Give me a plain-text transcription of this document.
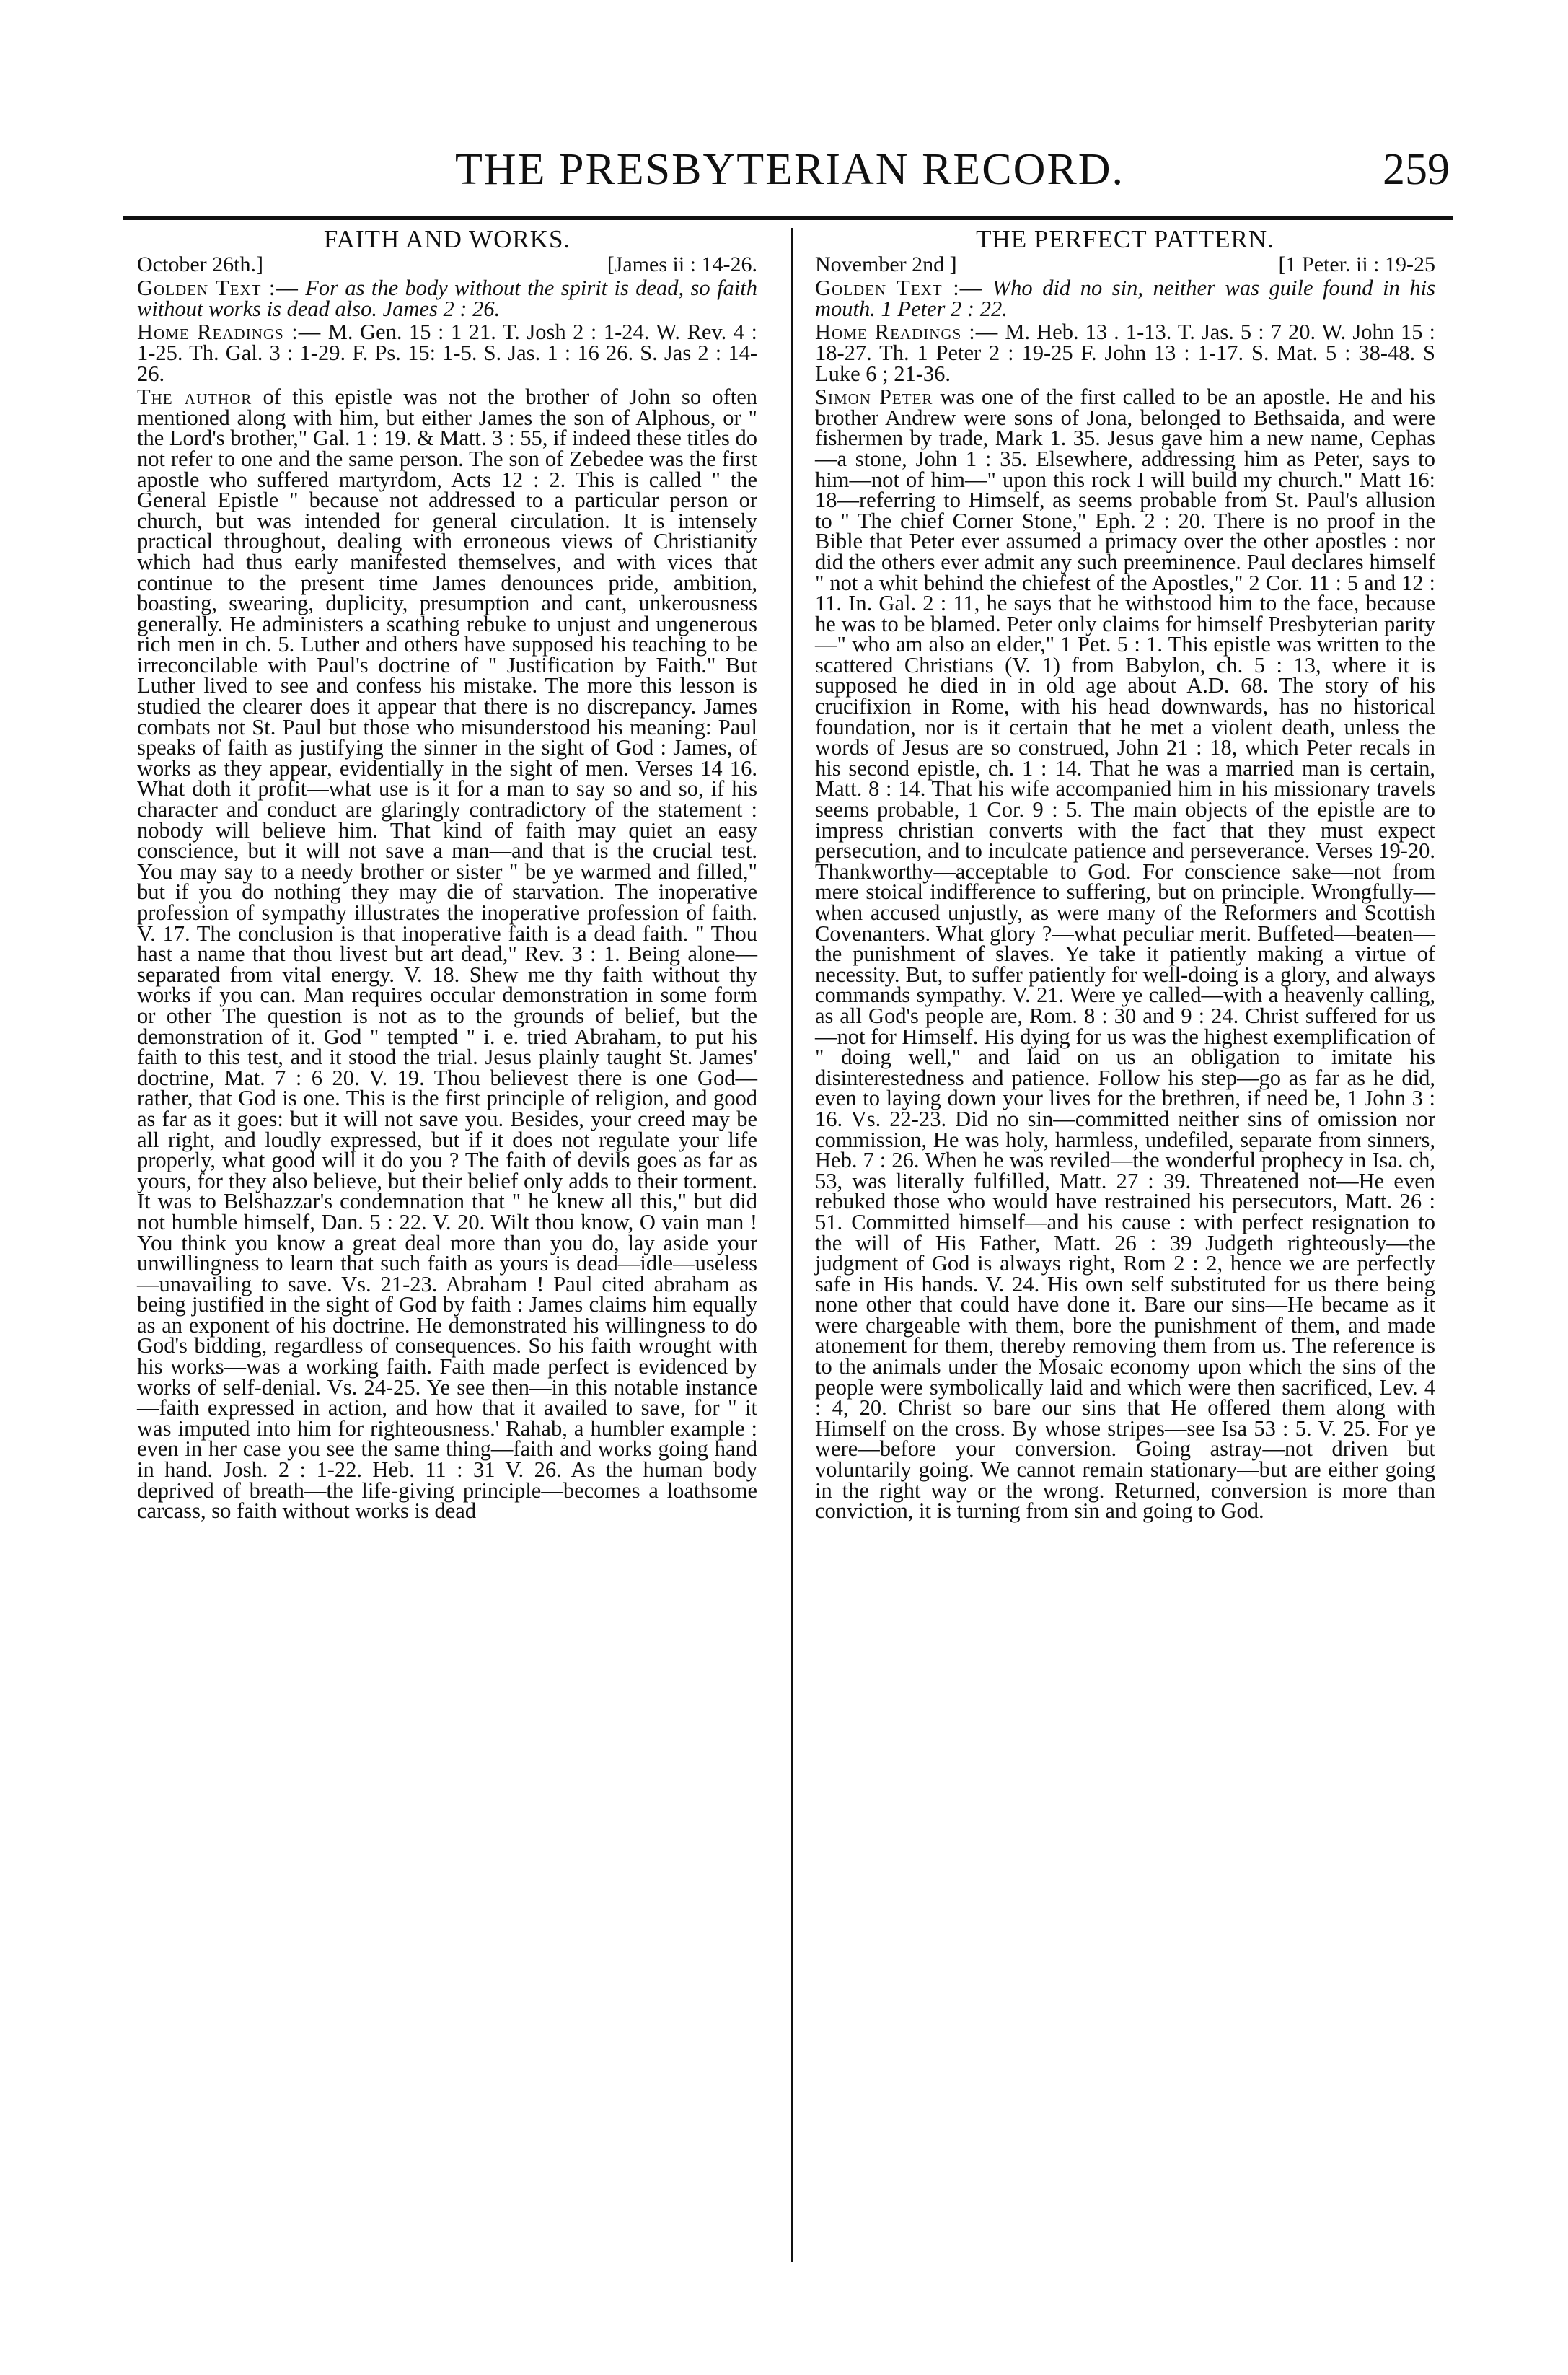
THE PRESBYTERIAN RECORD.	259
FAITH AND WORKS.
October 26th.]	[James ii : 14-26.
Golden Text :— For as the body without the spirit is dead, so faith without works is dead also. James 2 : 26.
Home Readings :— M. Gen. 15 : 1 21. T. Josh 2 : 1-24. W. Rev. 4 : 1-25. Th. Gal. 3 : 1-29. F. Ps. 15: 1-5. S. Jas. 1 : 16 26. S. Jas 2 : 14-26.

The author of this epistle was not the brother of John so often mentioned along with him, but either James the son of Alphous, or " the Lord's brother," Gal. 1 : 19. & Matt. 3 : 55, if indeed these titles do not refer to one and the same person. The son of Zebedee was the first apostle who suffered martyrdom, Acts 12 : 2. This is called " the General Epistle " because not addressed to a particular person or church, but was intended for general circulation. It is intensely practical throughout, dealing with erroneous views of Christianity which had thus early manifested themselves, and with vices that continue to the present time James denounces pride, ambition, boasting, swearing, duplicity, presumption and cant, unkerousness generally. He administers a scathing rebuke to unjust and ungenerous rich men in ch. 5. Luther and others have supposed his teaching to be irreconcilable with Paul's doctrine of " Justification by Faith." But Luther lived to see and confess his mistake. The more this lesson is studied the clearer does it appear that there is no discrepancy. James combats not St. Paul but those who misunderstood his meaning: Paul speaks of faith as justifying the sinner in the sight of God : James, of works as they appear, evidentially in the sight of men. Verses 14 16. What doth it profit—what use is it for a man to say so and so, if his character and conduct are glaringly contradictory of the statement : nobody will believe him. That kind of faith may quiet an easy conscience, but it will not save a man—and that is the crucial test. You may say to a needy brother or sister " be ye warmed and filled," but if you do nothing they may die of starvation. The inoperative profession of sympathy illustrates the inoperative profession of faith. V. 17. The conclusion is that inoperative faith is a dead faith. " Thou hast a name that thou livest but art dead," Rev. 3 : 1. Being alone—separated from vital energy. V. 18. Shew me thy faith without thy works if you can. Man requires occular demonstration in some form or other The question is not as to the grounds of belief, but the demonstration of it. God " tempted " i. e. tried Abraham, to put his faith to this test, and it stood the trial. Jesus plainly taught St. James' doctrine, Mat. 7 : 6 20. V. 19. Thou believest there is one God—rather, that God is one. This is the first principle of religion, and good as far as it goes: but it will not save you. Besides, your creed may be all right, and loudly expressed, but if it does not regulate your life properly, what good will it do you ? The faith of devils goes as far as yours, for they also believe, but their belief only adds to their torment. It was to Belshazzar's condemnation that " he knew all this," but did not humble himself, Dan. 5 : 22. V. 20. Wilt thou know, O vain man ! You think you know a great deal more than you do, lay aside your unwillingness to learn that such faith as yours is dead—idle—useless—unavailing to save. Vs. 21-23. Abraham ! Paul cited abraham as being justified in the sight of God by faith : James claims him equally as an exponent of his doctrine. He demonstrated his willingness to do God's bidding, regardless of consequences. So his faith wrought with his works—was a working faith. Faith made perfect is evidenced by works of self-denial. Vs. 24-25. Ye see then—in this notable instance—faith expressed in action, and how that it availed to save, for " it was imputed into him for righteousness.' Rahab, a humbler example : even in her case you see the same thing—faith and works going hand in hand. Josh. 2 : 1-22. Heb. 11 : 31 V. 26. As the human body deprived of breath—the life-giving principle—becomes a loathsome carcass, so faith without works is dead

THE PERFECT PATTERN.
November 2nd ]	[1 Peter. ii : 19-25
Golden Text :— Who did no sin, neither was guile found in his mouth. 1 Peter 2 : 22.
Home Readings :— M. Heb. 13 . 1-13. T. Jas. 5 : 7 20. W. John 15 : 18-27. Th. 1 Peter 2 : 19-25 F. John 13 : 1-17. S. Mat. 5 : 38-48. S Luke 6 ; 21-36.

Simon Peter was one of the first called to be an apostle. He and his brother Andrew were sons of Jona, belonged to Bethsaida, and were fishermen by trade, Mark 1. 35. Jesus gave him a new name, Cephas—a stone, John 1 : 35. Elsewhere, addressing him as Peter, says to him—not of him—" upon this rock I will build my church." Matt 16: 18—referring to Himself, as seems probable from St. Paul's allusion to " The chief Corner Stone," Eph. 2 : 20. There is no proof in the Bible that Peter ever assumed a primacy over the other apostles : nor did the others ever admit any such preeminence. Paul declares himself " not a whit behind the chiefest of the Apostles," 2 Cor. 11 : 5 and 12 : 11. In. Gal. 2 : 11, he says that he withstood him to the face, because he was to be blamed. Peter only claims for himself Presbyterian parity—" who am also an elder," 1 Pet. 5 : 1. This epistle was written to the scattered Christians (V. 1) from Babylon, ch. 5 : 13, where it is supposed he died in in old age about A.D. 68. The story of his crucifixion in Rome, with his head downwards, has no historical foundation, nor is it certain that he met a violent death, unless the words of Jesus are so construed, John 21 : 18, which Peter recals in his second epistle, ch. 1 : 14. That he was a married man is certain, Matt. 8 : 14. That his wife accompanied him in his missionary travels seems probable, 1 Cor. 9 : 5. The main objects of the epistle are to impress christian converts with the fact that they must expect persecution, and to inculcate patience and perseverance. Verses 19-20. Thankworthy—acceptable to God. For conscience sake—not from mere stoical indifference to suffering, but on principle. Wrongfully—when accused unjustly, as were many of the Reformers and Scottish Covenanters. What glory ?—what peculiar merit. Buffeted—beaten—the punishment of slaves. Ye take it patiently making a virtue of necessity. But, to suffer patiently for well-doing is a glory, and always commands sympathy. V. 21. Were ye called—with a heavenly calling, as all God's people are, Rom. 8 : 30 and 9 : 24. Christ suffered for us—not for Himself. His dying for us was the highest exemplification of " doing well," and laid on us an obligation to imitate his disinterestedness and patience. Follow his step—go as far as he did, even to laying down your lives for the brethren, if need be, 1 John 3 : 16. Vs. 22-23. Did no sin—committed neither sins of omission nor commission, He was holy, harmless, undefiled, separate from sinners, Heb. 7 : 26. When he was reviled—the wonderful prophecy in Isa. ch, 53, was literally fulfilled, Matt. 27 : 39. Threatened not—He even rebuked those who would have restrained his persecutors, Matt. 26 : 51. Committed himself—and his cause : with perfect resignation to the will of His Father, Matt. 26 : 39 Judgeth righteously—the judgment of God is always right, Rom 2 : 2, hence we are perfectly safe in His hands. V. 24. His own self substituted for us there being none other that could have done it. Bare our sins—He became as it were chargeable with them, bore the punishment of them, and made atonement for them, thereby removing them from us. The reference is to the animals under the Mosaic economy upon which the sins of the people were symbolically laid and which were then sacrificed, Lev. 4 : 4, 20. Christ so bare our sins that He offered them along with Himself on the cross. By whose stripes—see Isa 53 : 5. V. 25. For ye were—before your conversion. Going astray—not driven but voluntarily going. We cannot remain stationary—but are either going in the right way or the wrong. Returned, conversion is more than conviction, it is turning from sin and going to God.
